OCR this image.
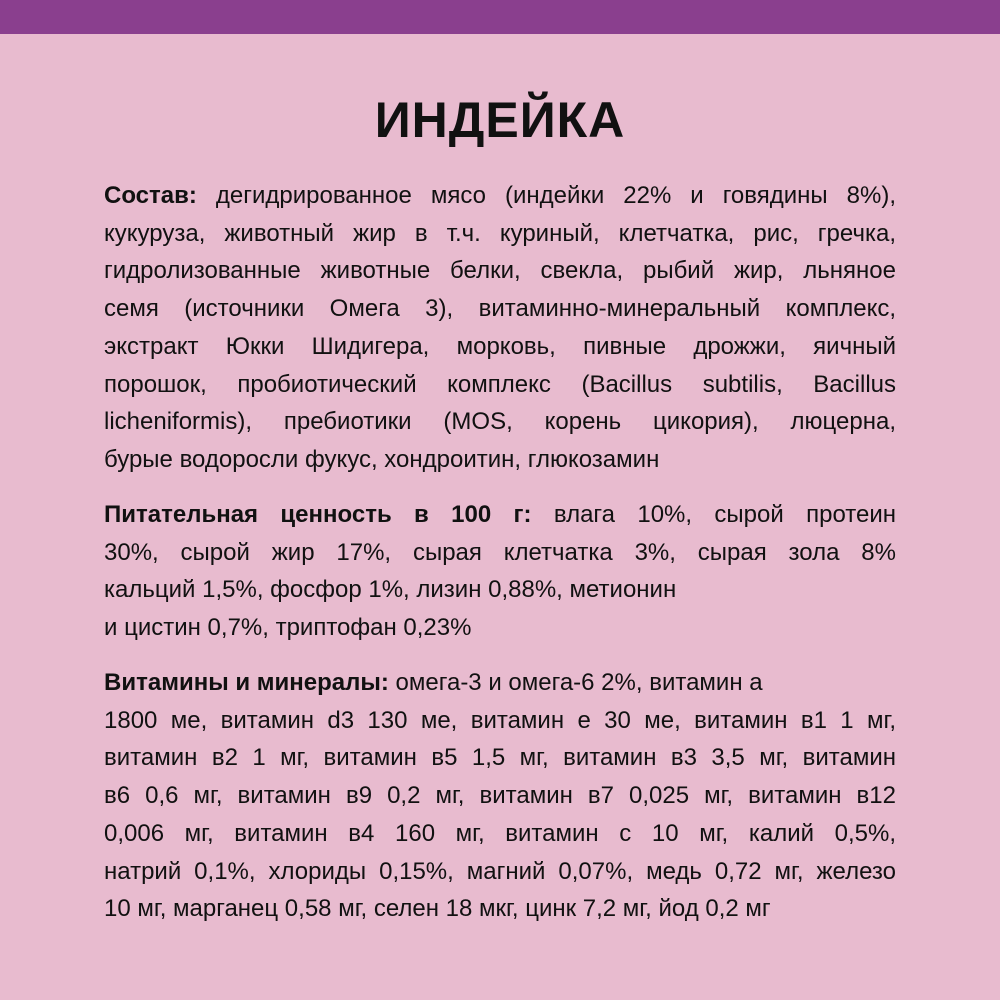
ИНДЕЙКА
Состав: дегидрированное мясо (индейки 22% и говядины 8%),
кукуруза, животный жир в т.ч. куриный, клетчатка, рис, гречка,
гидролизованные животные белки, свекла, рыбий жир, льняное
семя (источники Омега 3), витаминно-минеральный комплекс,
экстракт Юкки Шидигера, морковь, пивные дрожжи, яичный
порошок, пробиотический комплекс (Bacillus subtilis, Bacillus
licheniformis), пребиотики (MOS, корень цикория), люцерна,
бурые водоросли фукус, хондроитин, глюкозамин
Питательная ценность в 100 г: влага 10%, сырой протеин
30%, сырой жир 17%, сырая клетчатка 3%, сырая зола 8%
кальций 1,5%, фосфор 1%, лизин 0,88%, метионин
и цистин 0,7%, триптофан 0,23%
Витамины и минералы: омега-3 и омега-6 2%, витамин а
1800 ме, витамин d3 130 ме, витамин е 30 ме, витамин в1 1 мг,
витамин в2 1 мг, витамин в5 1,5 мг, витамин в3 3,5 мг, витамин
в6 0,6 мг, витамин в9 0,2 мг, витамин в7 0,025 мг, витамин в12
0,006 мг, витамин в4 160 мг, витамин с 10 мг, калий 0,5%,
натрий 0,1%, хлориды 0,15%, магний 0,07%, медь 0,72 мг, железо
10 мг, марганец 0,58 мг, селен 18 мкг, цинк 7,2 мг, йод 0,2 мг
